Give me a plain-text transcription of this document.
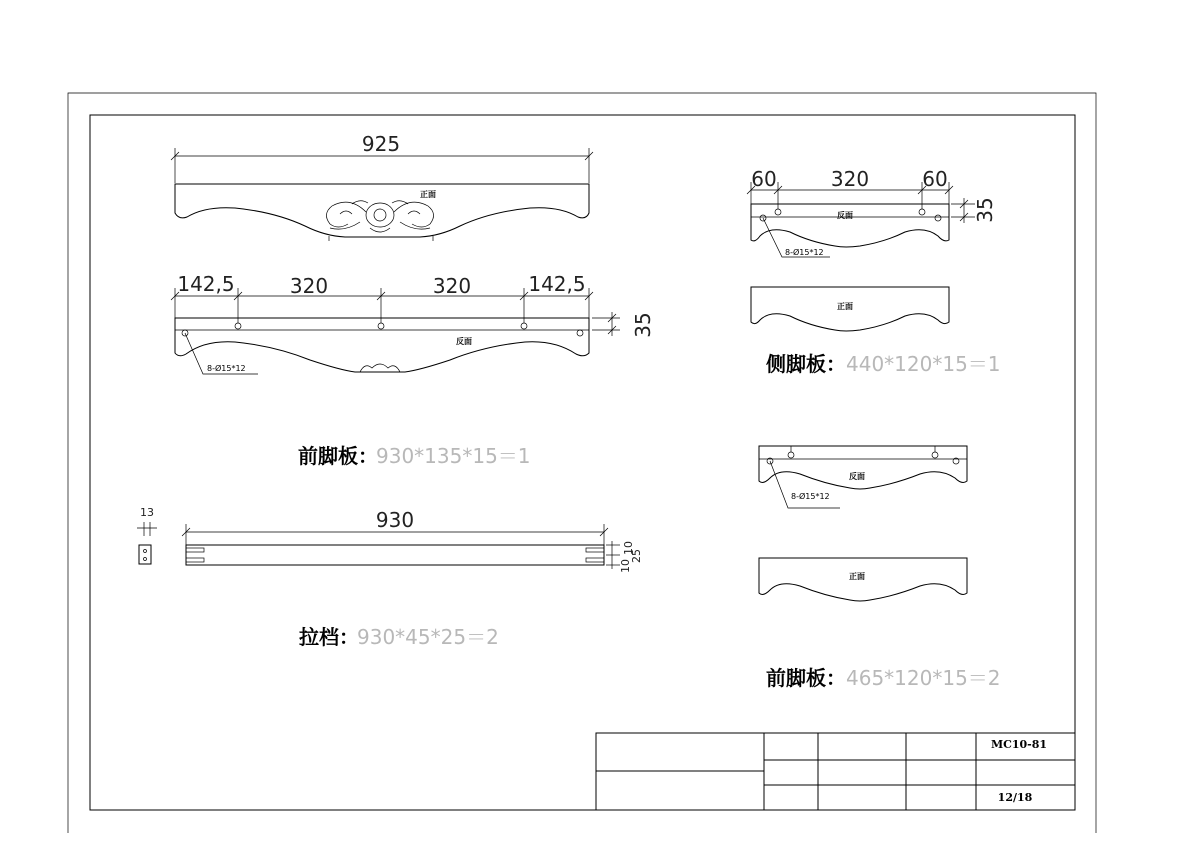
925
正面
142,5	320	320	142,5
35
8-Ø15*12
反面
前脚板：
930*135*15＝1
13	930
10
25
10
拉档：
930*45*25＝2
60	320	60
35
8-Ø15*12
反面
正面
侧脚板： 440*120*15＝1
8-Ø15*12
反面
正面
前脚板： 465*120*15＝2
MC10-81
12/18
